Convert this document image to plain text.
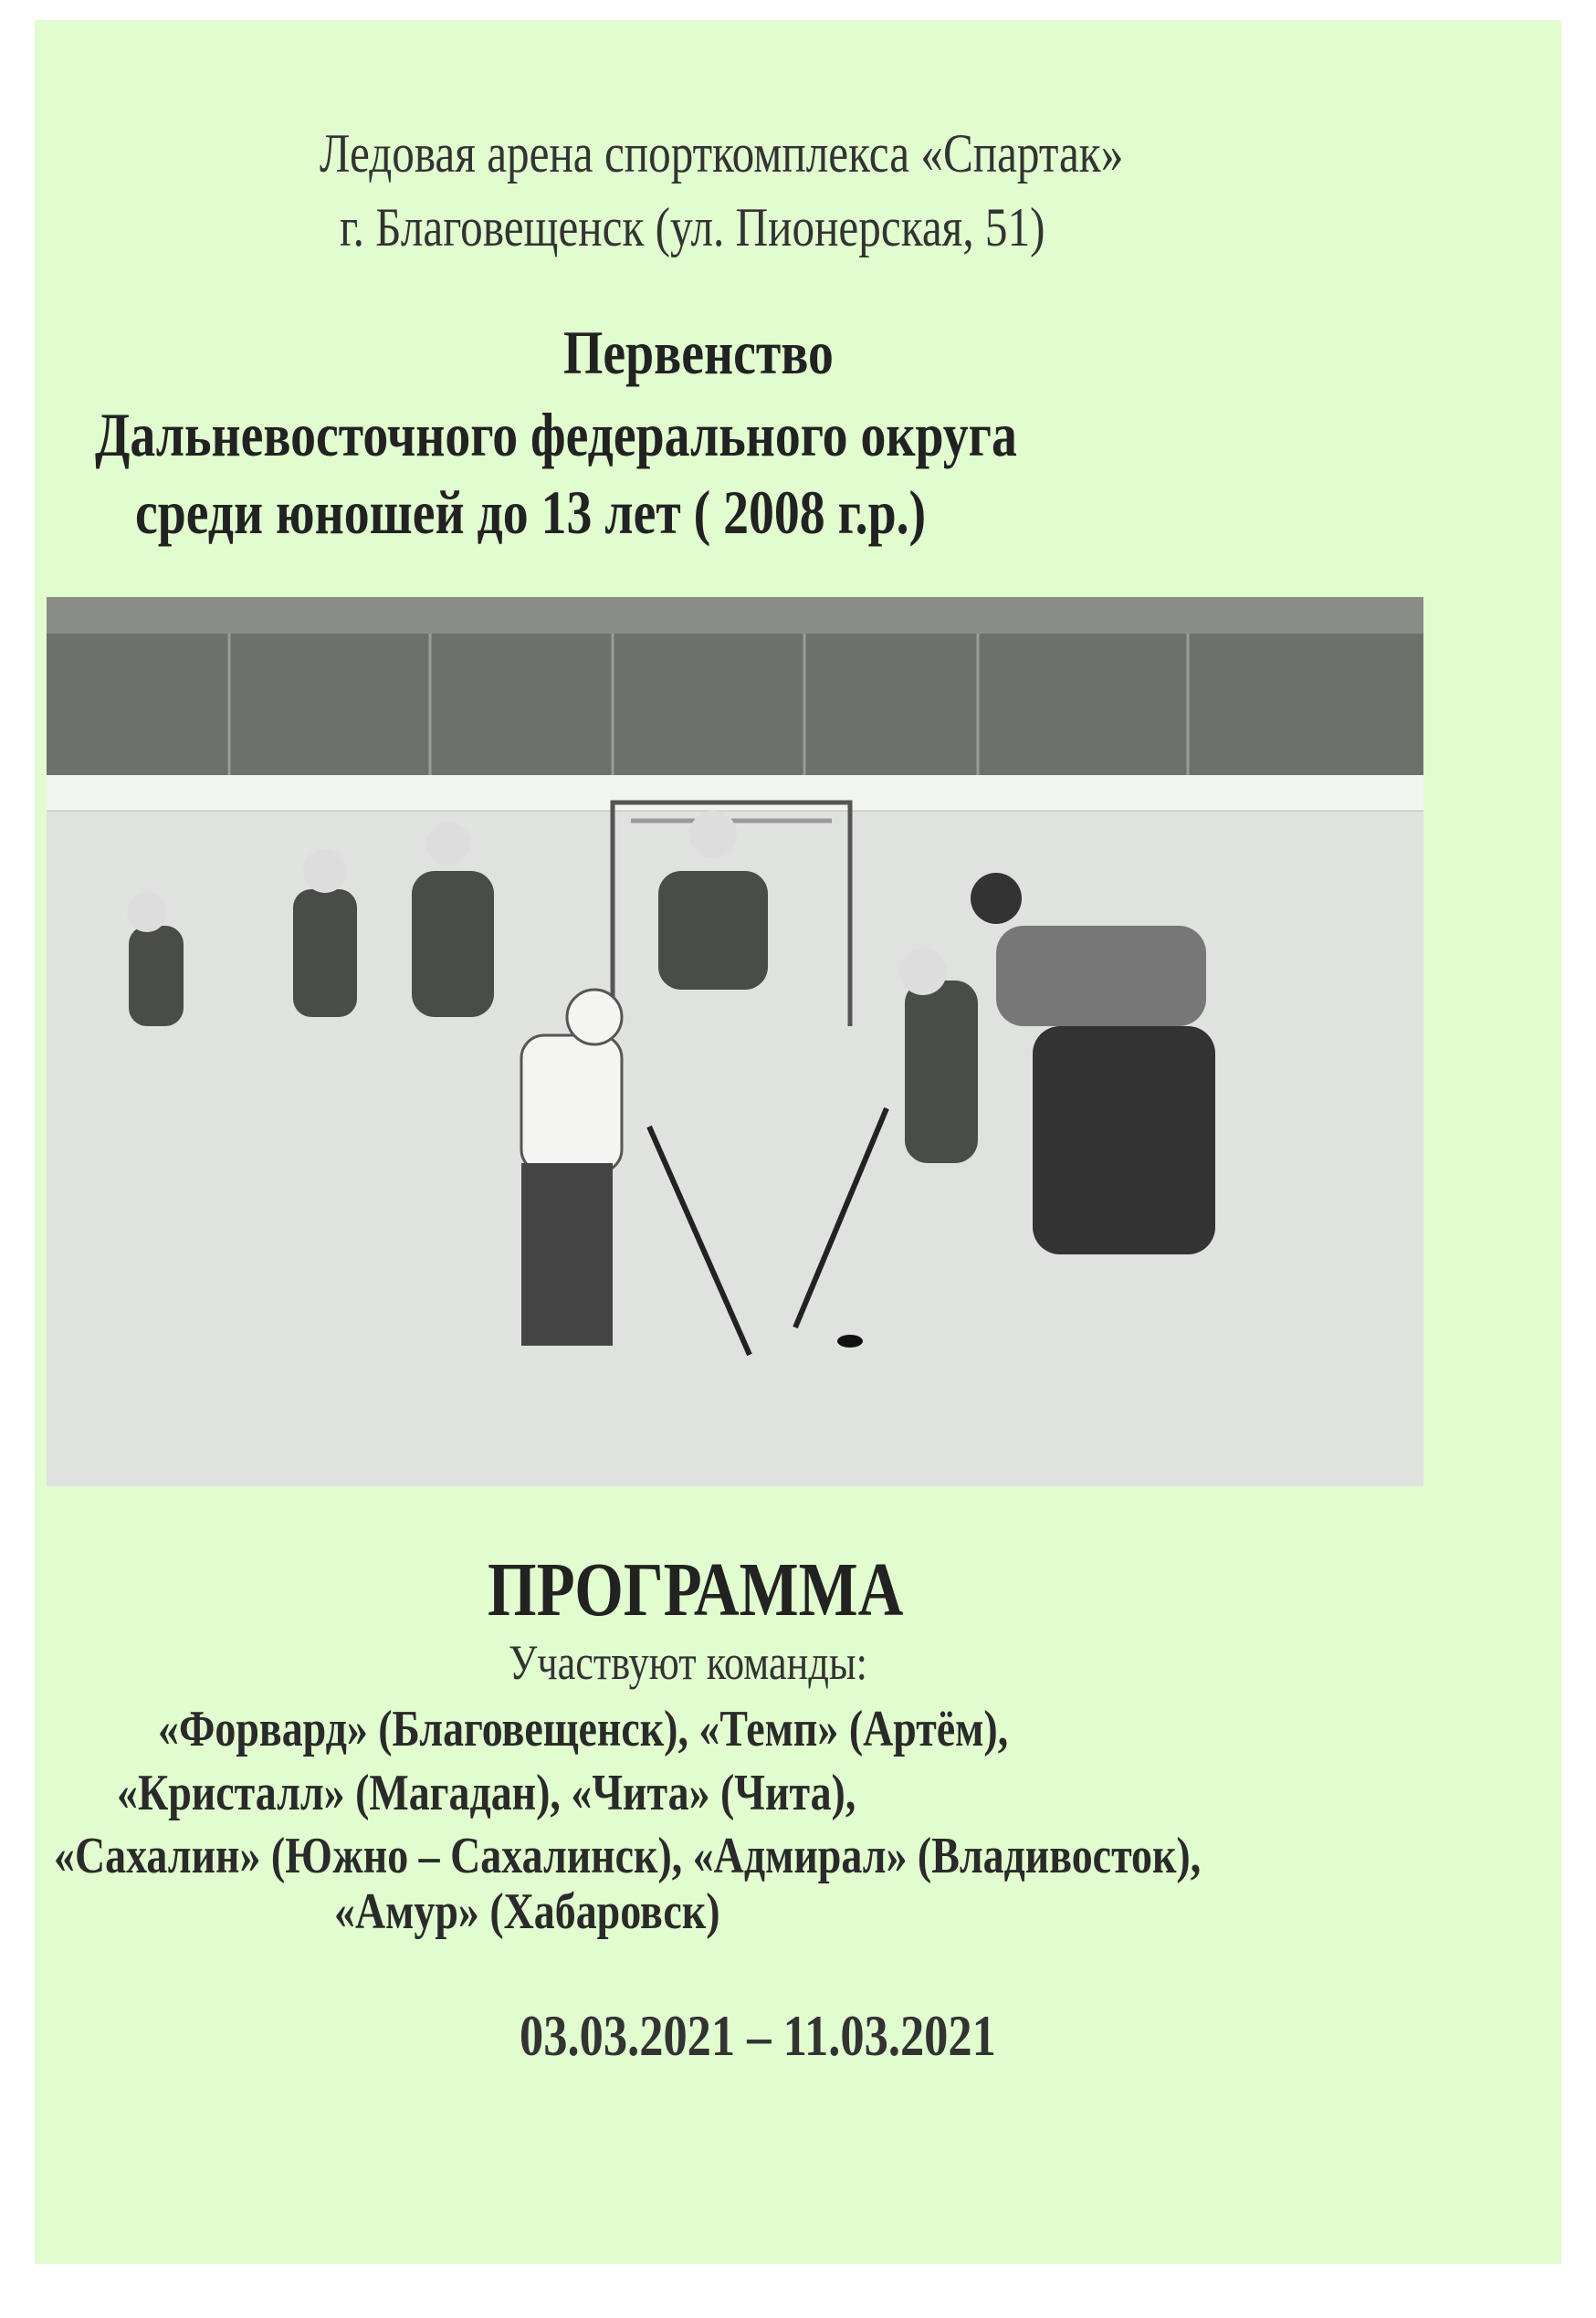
Ледовая арена спорткомплекса «Спартак»
г. Благовещенск (ул. Пионерская, 51)
Первенство
Дальневосточного федерального округа
среди юношей до 13 лет ( 2008 г.р.)
ПРОГРАММА
Участвуют команды:
«Форвард» (Благовещенск), «Темп» (Артём),
«Кристалл» (Магадан), «Чита» (Чита),
«Сахалин» (Южно – Сахалинск), «Адмирал» (Владивосток),
«Амур» (Хабаровск)
03.03.2021 – 11.03.2021
